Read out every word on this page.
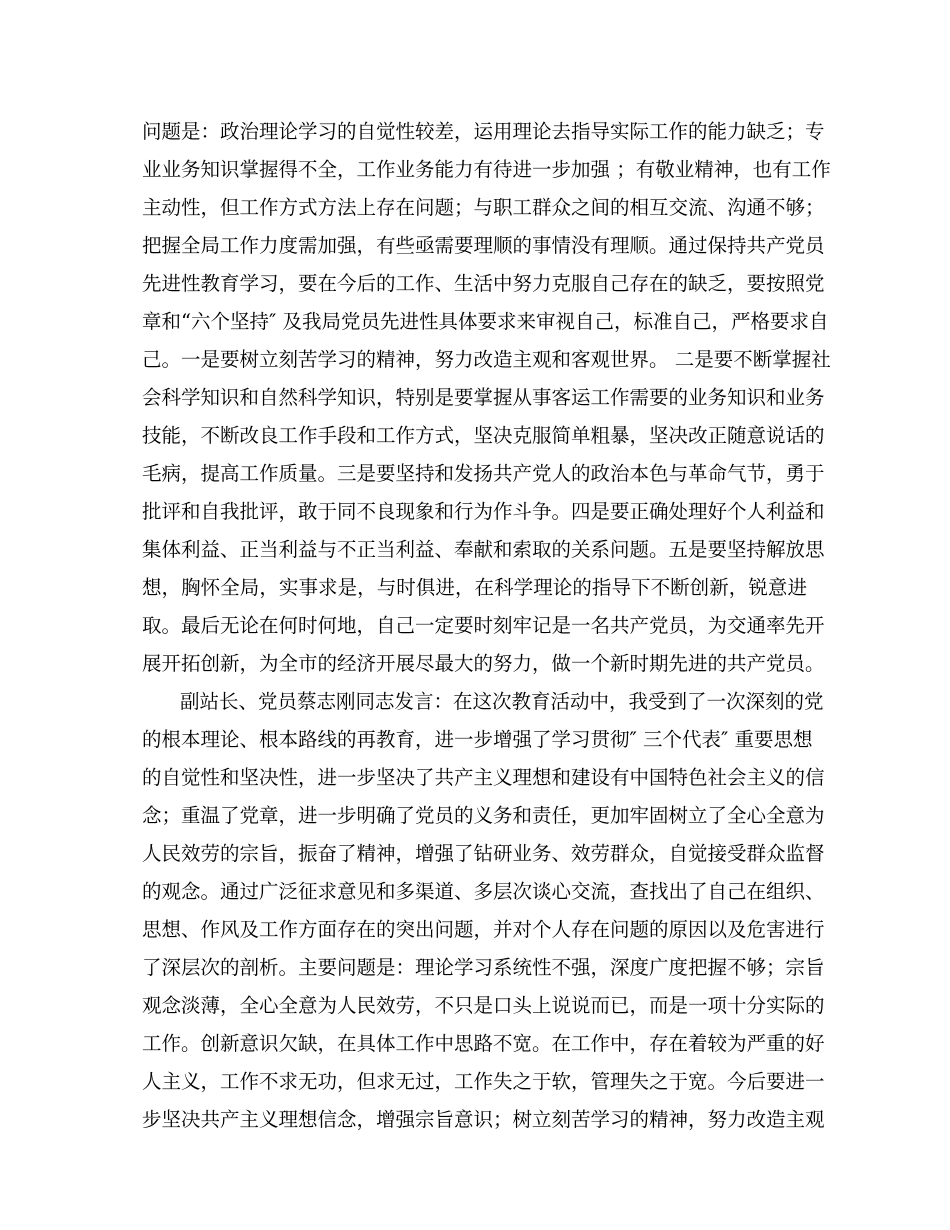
问题是：政治理论学习的自觉性较差，运用理论去指导实际工作的能力缺乏；专
业业务知识掌握得不全，工作业务能力有待进一步加强 ；有敬业精神，也有工作
主动性，但工作方式方法上存在问题；与职工群众之间的相互交流、沟通不够；
把握全局工作力度需加强，有些亟需要理顺的事情没有理顺。通过保持共产党员
先进性教育学习，要在今后的工作、生活中努力克服自己存在的缺乏，要按照党
章和“六个坚持″ 及我局党员先进性具体要求来审视自己，标准自己，严格要求自
己。一是要树立刻苦学习的精神，努力改造主观和客观世界。 二是要不断掌握社
会科学知识和自然科学知识，特别是要掌握从事客运工作需要的业务知识和业务
技能，不断改良工作手段和工作方式，坚决克服简单粗暴，坚决改正随意说话的
毛病，提高工作质量。三是要坚持和发扬共产党人的政治本色与革命气节，勇于
批评和自我批评，敢于同不良现象和行为作斗争。四是要正确处理好个人利益和
集体利益、正当利益与不正当利益、奉献和索取的关系问题。五是要坚持解放思
想，胸怀全局，实事求是，与时俱进，在科学理论的指导下不断创新，锐意进
取。最后无论在何时何地，自己一定要时刻牢记是一名共产党员，为交通率先开
展开拓创新，为全市的经济开展尽最大的努力，做一个新时期先进的共产党员。
副站长、党员蔡志刚同志发言：在这次教育活动中，我受到了一次深刻的党
的根本理论、根本路线的再教育，进一步增强了学习贯彻″ 三个代表″ 重要思想
的自觉性和坚决性，进一步坚决了共产主义理想和建设有中国特色社会主义的信
念；重温了党章，进一步明确了党员的义务和责任，更加牢固树立了全心全意为
人民效劳的宗旨，振奋了精神，增强了钻研业务、效劳群众，自觉接受群众监督
的观念。通过广泛征求意见和多渠道、多层次谈心交流，查找出了自己在组织、
思想、作风及工作方面存在的突出问题，并对个人存在问题的原因以及危害进行
了深层次的剖析。主要问题是：理论学习系统性不强，深度广度把握不够；宗旨
观念淡薄，全心全意为人民效劳，不只是口头上说说而已，而是一项十分实际的
工作。创新意识欠缺，在具体工作中思路不宽。在工作中，存在着较为严重的好
人主义，工作不求无功，但求无过，工作失之于软，管理失之于宽。今后要进一
步坚决共产主义理想信念，增强宗旨意识；树立刻苦学习的精神，努力改造主观
